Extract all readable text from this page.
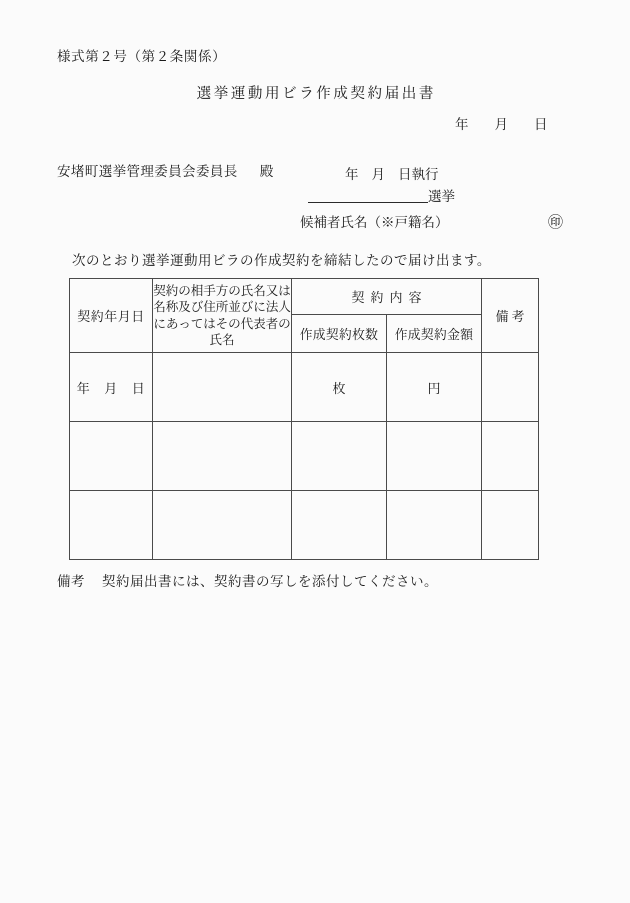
様式第２号（第２条関係）
選挙運動用ビラ作成契約届出書
年 月 日
安堵町選挙管理委員会委員長 殿	年 月 日執行
選挙
候補者氏名（※戸籍名）	㊞
次のとおり選挙運動用ビラの作成契約を締結したので届け出ます。
契約年月日	契約の相手方の氏名又は名称及び住所並びに法人にあってはその代表者の氏名	契約内容		備考
		作成契約枚数	作成契約金額	
年 月 日		枚	円	

備考 契約届出書には、契約書の写しを添付してください。
